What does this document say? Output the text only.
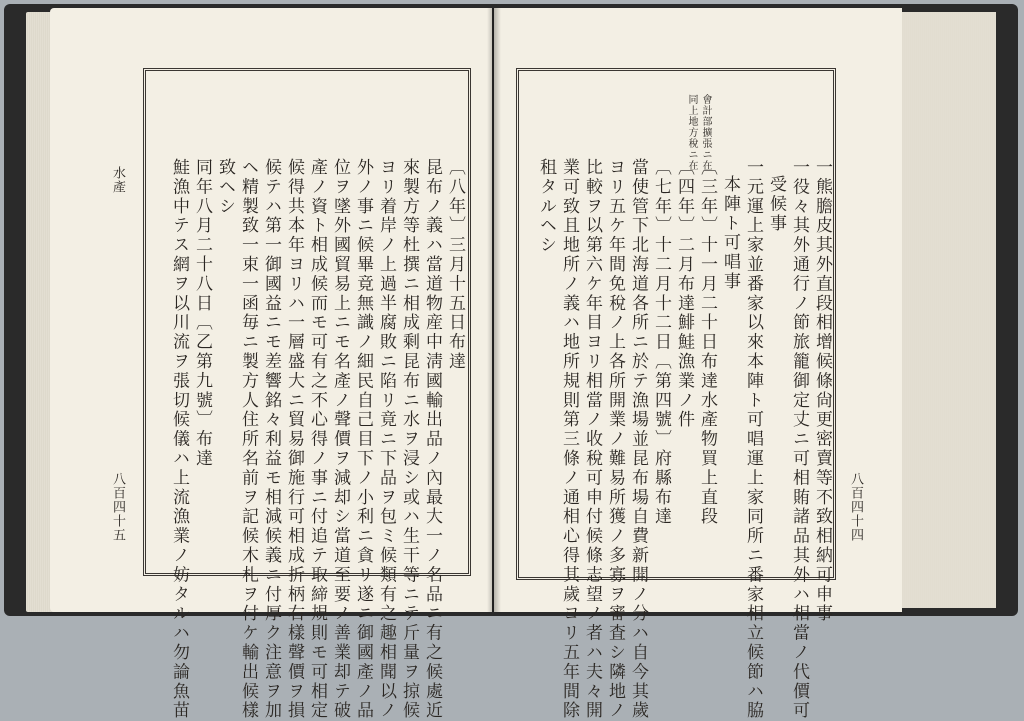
水產
八百四十五
〔八年〕三月十五日布達
昆布ノ義ハ當道物産中淸國輸出品ノ內最大一ノ名品ニ有之候處近
來製方等杜撰ニ相成剩昆布ニ水ヲ浸シ或ハ生干等ニテ斤量ヲ掠候
ヨリ着岸ノ上過半腐敗ニ陷リ竟ニ下品ヲ包ミ候類有之趣相聞以ノ
外ノ事ニ候畢竟無識ノ細民自己目下ノ小利ニ貪リ遂ニ御國產ノ品
位ヲ墜外國貿易上ニモ名產ノ聲價ヲ減却シ當道至要ノ善業却テ破
產ノ資ト相成候而モ可有之不心得ノ事ニ付追テ取締規則モ可相定
候得共本年ヨリハ一層盛大ニ貿易御施行可相成折柄右樣聲價ヲ損
候テハ第一御國益ニモ差響銘々利益モ相減候義ニ付厚ク注意ヲ加
ヘ精製致一束一函毎ニ製方人住所名前ヲ記候木札ヲ付ケ輸出候樣
致ヘシ
同年八月二十八日〔乙第九號〕布達
鮭漁中テス網ヲ以川流ヲ張切候儀ハ上流漁業ノ妨タルハ勿論魚苗	八百四十四
會計部擴張ニ在
同上地方稅ニ在
一熊膽皮其外直段相增候條尙更密賣等不致相納可申事
一役々其外通行ノ節旅籠御定丈ニ可相賄諸品其外ハ相當ノ代價可
受候事
一元運上家並番家以來本陣ト可唱運上家同所ニ番家相立候節ハ脇
本陣ト可唱事
〔三年〕十一月二十日布達水產物買上直段
〔四年〕二月布達鯡鮭漁業ノ件
〔七年〕十二月十二日〔第四號〕府縣布達
當使管下北海道各所ニ於テ漁場並昆布場自費新開ノ分ハ自今其歲
ヨリ五ケ年間免稅ノ上各所開業ノ難易所獲ノ多寡ヲ審査シ隣地ノ
比較ヲ以第六ケ年目ヨリ相當ノ收稅可申付候條志望ノ者ハ夫々開
業可致且地所ノ義ハ地所規則第三條ノ通相心得其歲ヨリ五年間除
租タルヘシ
